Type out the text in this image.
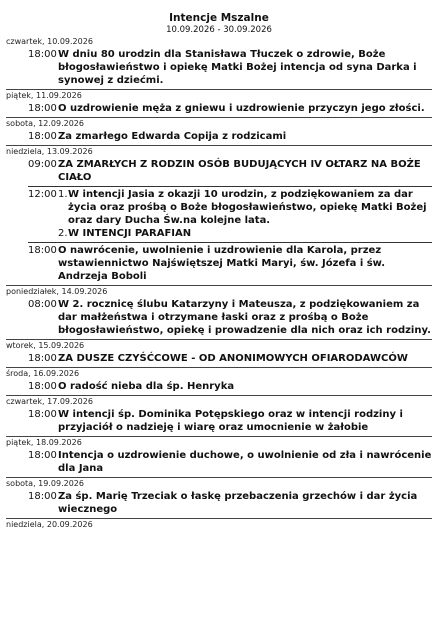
Intencje Mszalne
10.09.2026 - 30.09.2026
czwartek, 10.09.2026
18:00 W dniu 80 urodzin dla Stanisława Tłuczek o zdrowie, Boże błogosławieństwo i opiekę Matki Bożej intencja od syna Darka i synowej z dziećmi.
piątek, 11.09.2026
18:00 O uzdrowienie męża z gniewu i uzdrowienie przyczyn jego złości.
sobota, 12.09.2026
18:00 Za zmarłego Edwarda Copija z rodzicami
niedziela, 13.09.2026
09:00 ZA ZMARŁYCH Z RODZIN OSÓB BUDUJĄCYCH IV OŁTARZ NA BOŻE CIAŁO
12:00 1. W intencji Jasia z okazji 10 urodzin, z podziękowaniem za dar życia oraz prośbą o Boże błogosławieństwo, opiekę Matki Bożej oraz dary Ducha Św.na kolejne lata.
2. W INTENCJI PARAFIAN
18:00 O nawrócenie, uwolnienie i uzdrowienie dla Karola, przez wstawiennictwo Najświętszej Matki Maryi, św. Józefa i św. Andrzeja Boboli
poniedziałek, 14.09.2026
08:00 W 2. rocznicę ślubu Katarzyny i Mateusza, z podziękowaniem za dar małżeństwa i otrzymane łaski oraz z prośbą o Boże błogosławieństwo, opiekę i prowadzenie dla nich oraz ich rodziny.
wtorek, 15.09.2026
18:00 ZA DUSZE CZYŚĆCOWE - OD ANONIMOWYCH OFIARODAWCÓW
środa, 16.09.2026
18:00 O radość nieba dla śp. Henryka
czwartek, 17.09.2026
18:00 W intencji śp. Dominika Potępskiego oraz w intencji rodziny i przyjaciół o nadzieję i wiarę oraz umocnienie w żałobie
piątek, 18.09.2026
18:00 Intencja o uzdrowienie duchowe, o uwolnienie od zła i nawrócenie dla Jana
sobota, 19.09.2026
18:00 Za śp. Marię Trzeciak o łaskę przebaczenia grzechów i dar życia wiecznego
niedziela, 20.09.2026
